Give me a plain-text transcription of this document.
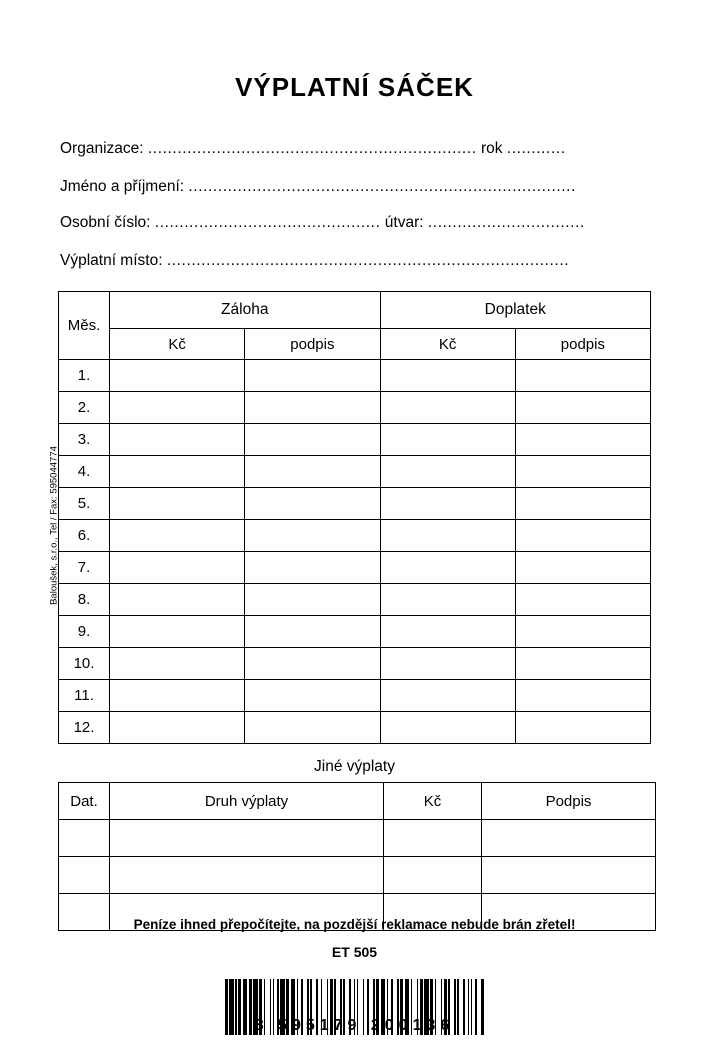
VÝPLATNÍ SÁČEK
Baloušek, s.r.o., Tel / Fax: 595044774
Organizace: ................................................................... rok ............
Jméno a příjmení: ...............................................................................
Osobní číslo: .............................................. útvar: ................................
Výplatní místo: ..................................................................................
Měs.	Záloha		Doplatek	
	Kč	podpis	Kč	podpis
1.				
2.				
3.				
4.				
5.				
6.				
7.				
8.				
9.				
10.				
11.				
12.				
Jiné výplaty
Dat.	Druh výplaty	Kč	Podpis

Peníze ihned přepočítejte, na pozdější reklamace nebude brán zřetel!
ET 505
8 595179 200136
